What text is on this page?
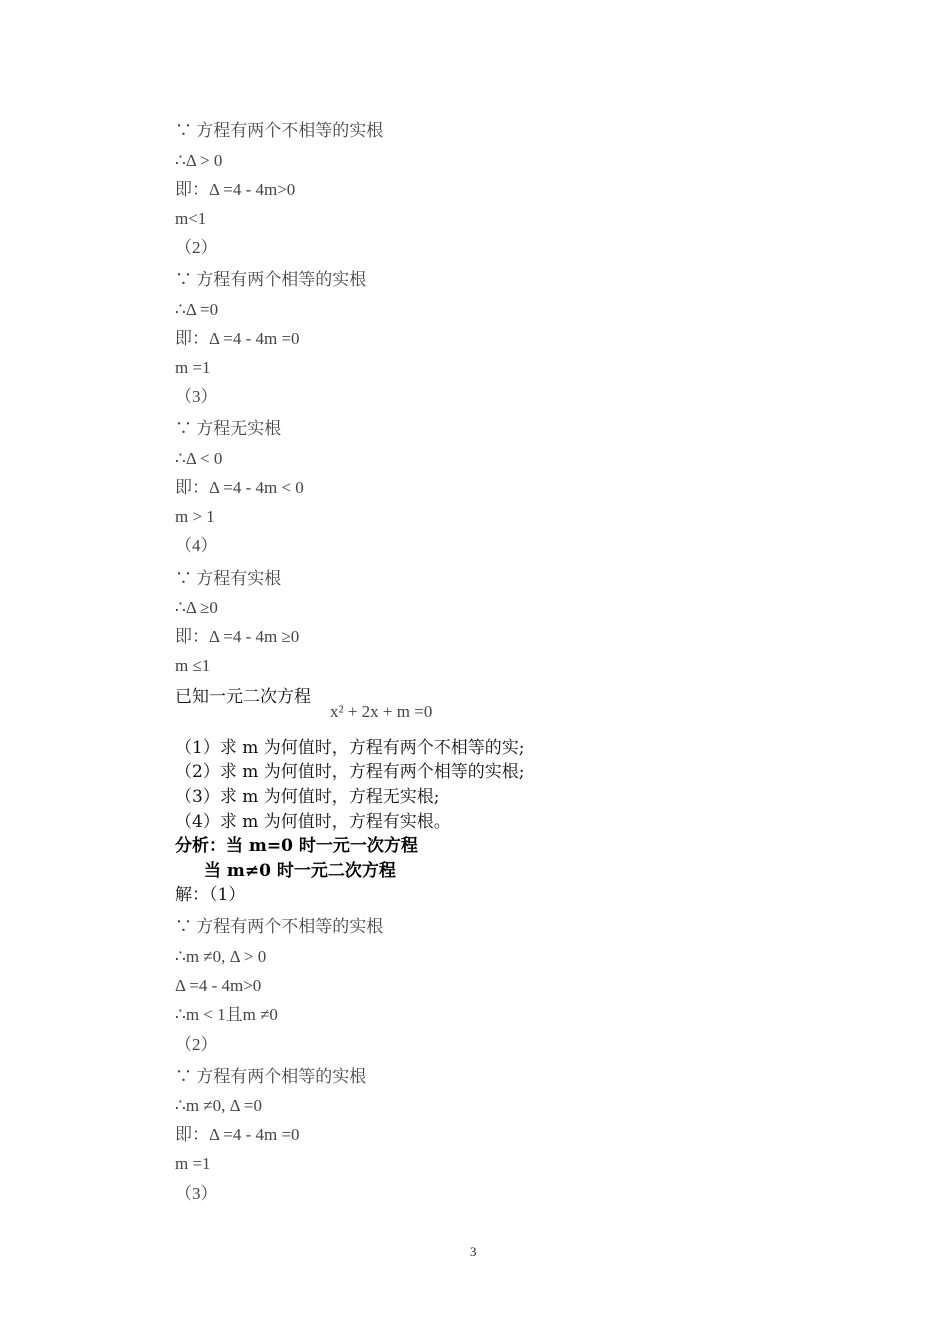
∵ 方程有两个不相等的实根
∴Δ > 0
即：Δ =4 - 4m>0
m<1
（2）
∵ 方程有两个相等的实根
∴Δ =0
即：Δ =4 - 4m =0
m =1
（3）
∵ 方程无实根
∴Δ < 0
即：Δ =4 - 4m < 0
m > 1
（4）
∵ 方程有实根
∴Δ ≥0
即：Δ =4 - 4m ≥0
m ≤1
已知一元二次方程
x² + 2x + m =0
（1）求 m 为何值时，方程有两个不相等的实;
（2）求 m 为何值时，方程有两个相等的实根;
（3）求 m 为何值时，方程无实根;
（4）求 m 为何值时，方程有实根。
分析：当 m=0 时一元一次方程
当 m≠0 时一元二次方程
解：（1）
∵ 方程有两个不相等的实根
∴m ≠0, Δ > 0
Δ =4 - 4m>0
∴m < 1且m ≠0
（2）
∵ 方程有两个相等的实根
∴m ≠0, Δ =0
即：Δ =4 - 4m =0
m =1
（3）
3
